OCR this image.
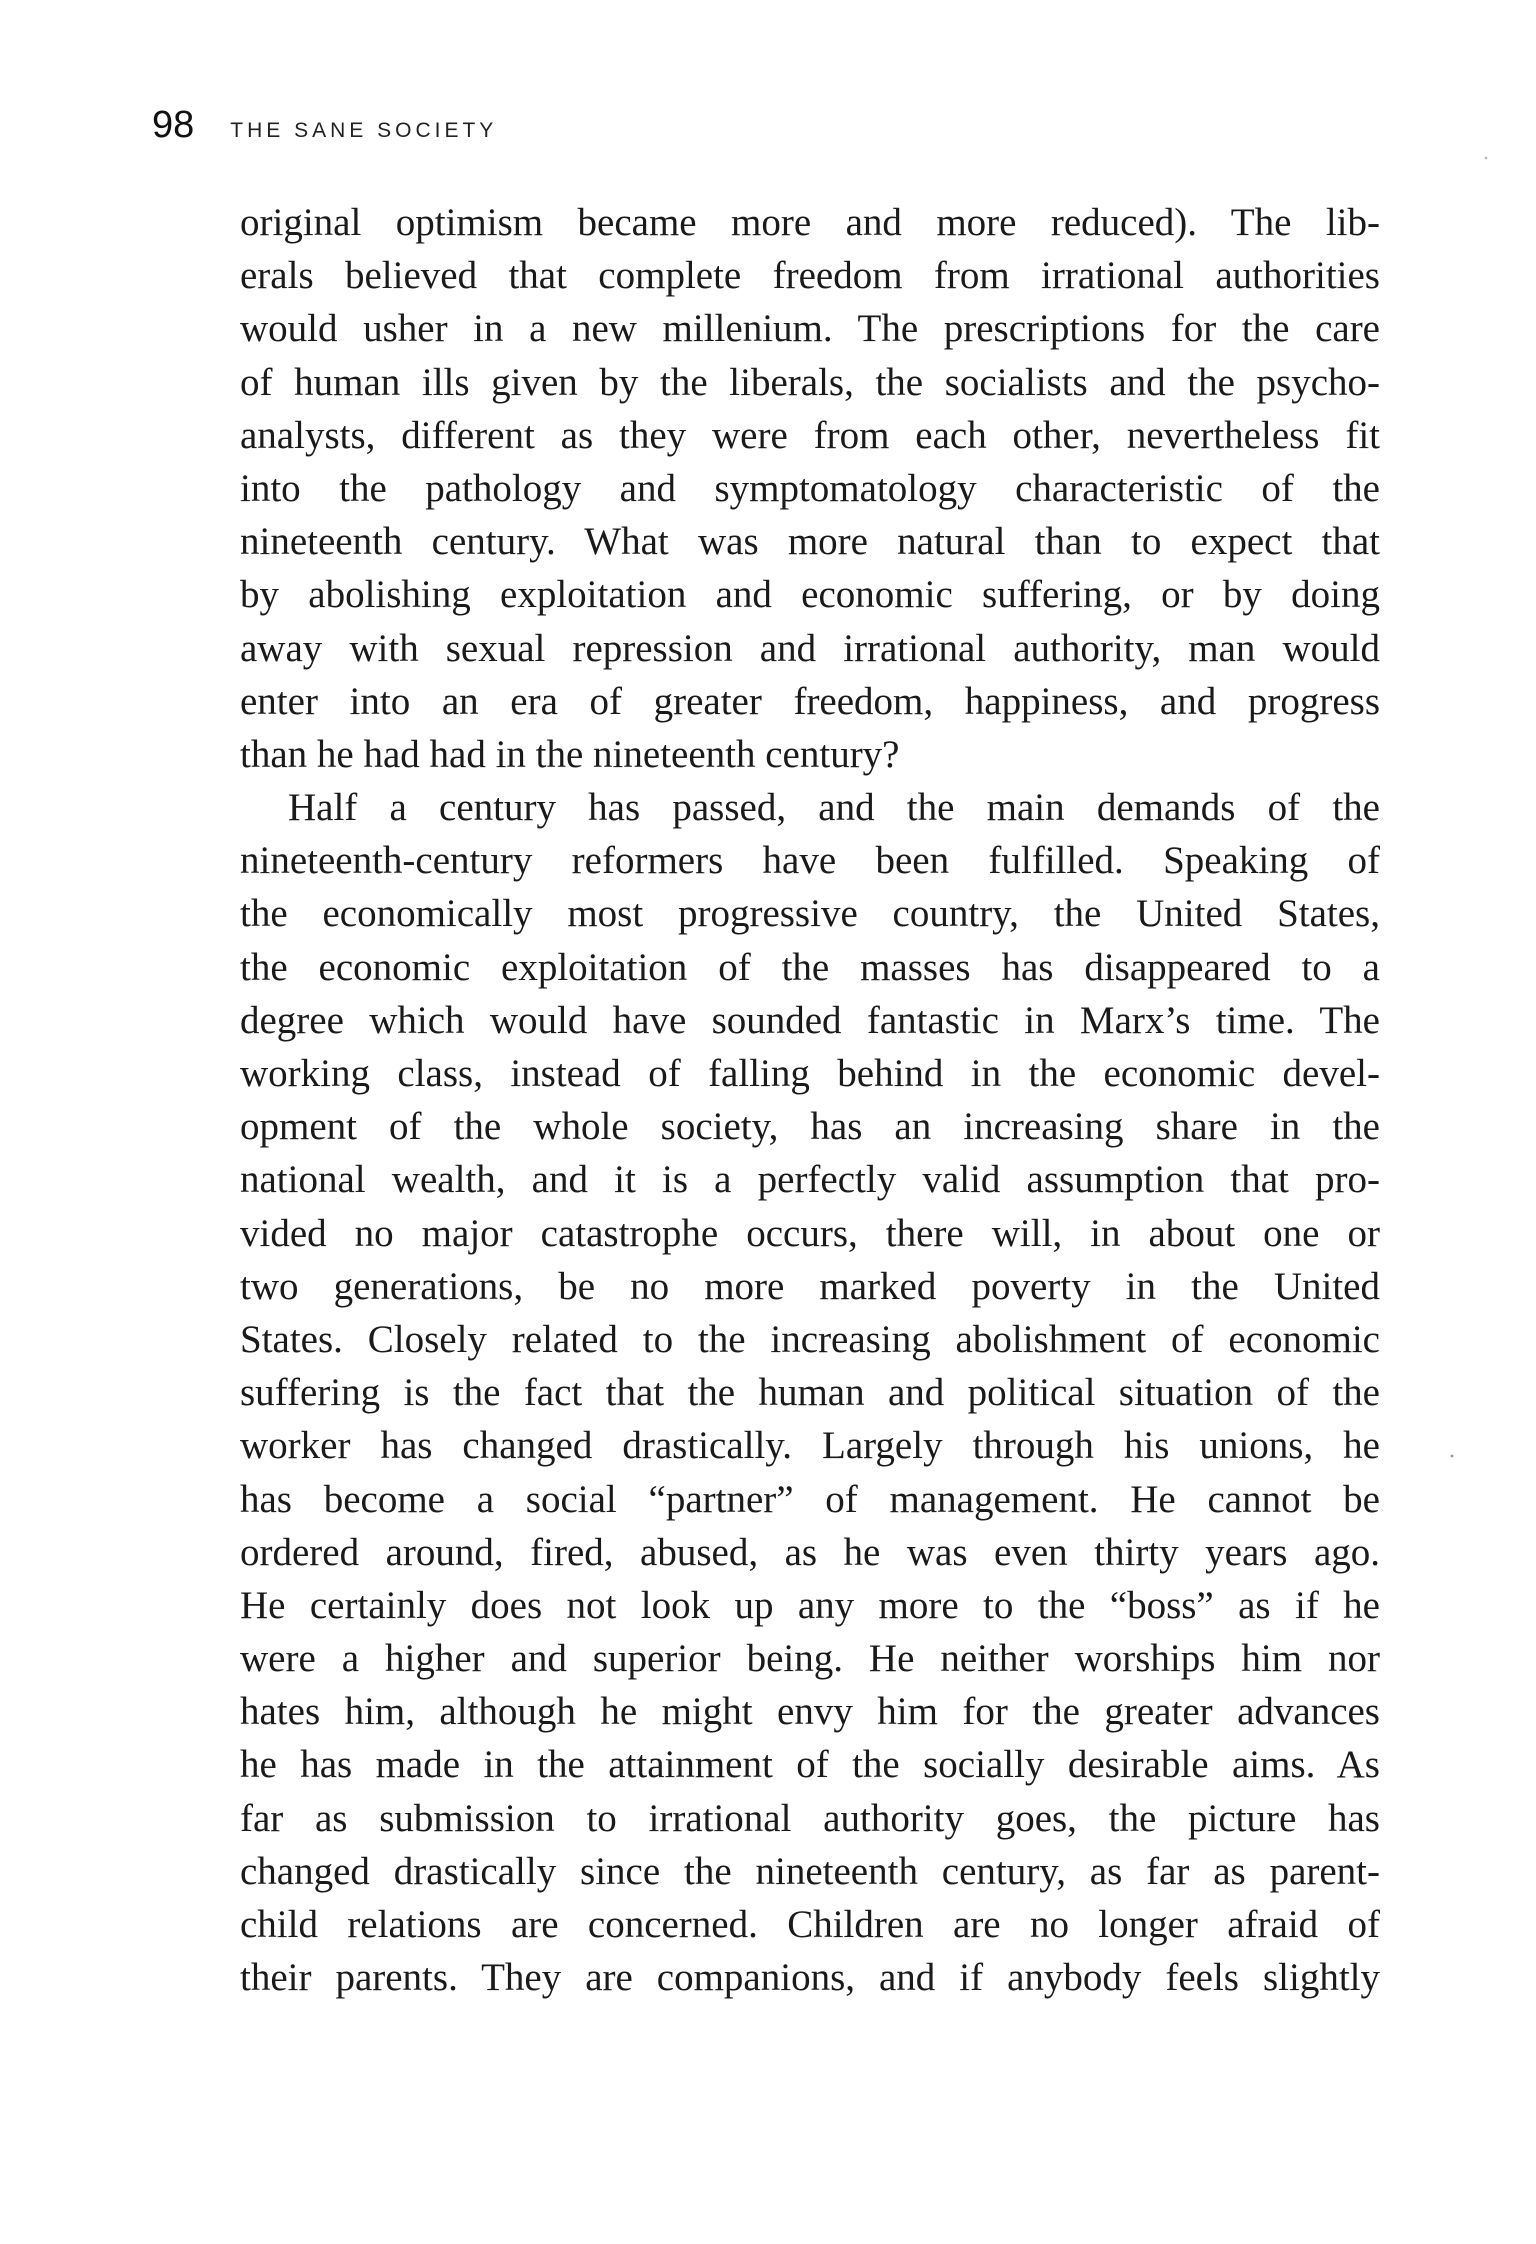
98 THE SANE SOCIETY
original optimism became more and more reduced). The lib-
erals believed that complete freedom from irrational authorities
would usher in a new millenium. The prescriptions for the care
of human ills given by the liberals, the socialists and the psycho-
analysts, different as they were from each other, nevertheless fit
into the pathology and symptomatology characteristic of the
nineteenth century. What was more natural than to expect that
by abolishing exploitation and economic suffering, or by doing
away with sexual repression and irrational authority, man would
enter into an era of greater freedom, happiness, and progress
than he had had in the nineteenth century?
Half a century has passed, and the main demands of the
nineteenth-century reformers have been fulfilled. Speaking of
the economically most progressive country, the United States,
the economic exploitation of the masses has disappeared to a
degree which would have sounded fantastic in Marx’s time. The
working class, instead of falling behind in the economic devel-
opment of the whole society, has an increasing share in the
national wealth, and it is a perfectly valid assumption that pro-
vided no major catastrophe occurs, there will, in about one or
two generations, be no more marked poverty in the United
States. Closely related to the increasing abolishment of economic
suffering is the fact that the human and political situation of the
worker has changed drastically. Largely through his unions, he
has become a social “partner” of management. He cannot be
ordered around, fired, abused, as he was even thirty years ago.
He certainly does not look up any more to the “boss” as if he
were a higher and superior being. He neither worships him nor
hates him, although he might envy him for the greater advances
he has made in the attainment of the socially desirable aims. As
far as submission to irrational authority goes, the picture has
changed drastically since the nineteenth century, as far as parent-
child relations are concerned. Children are no longer afraid of
their parents. They are companions, and if anybody feels slightly
